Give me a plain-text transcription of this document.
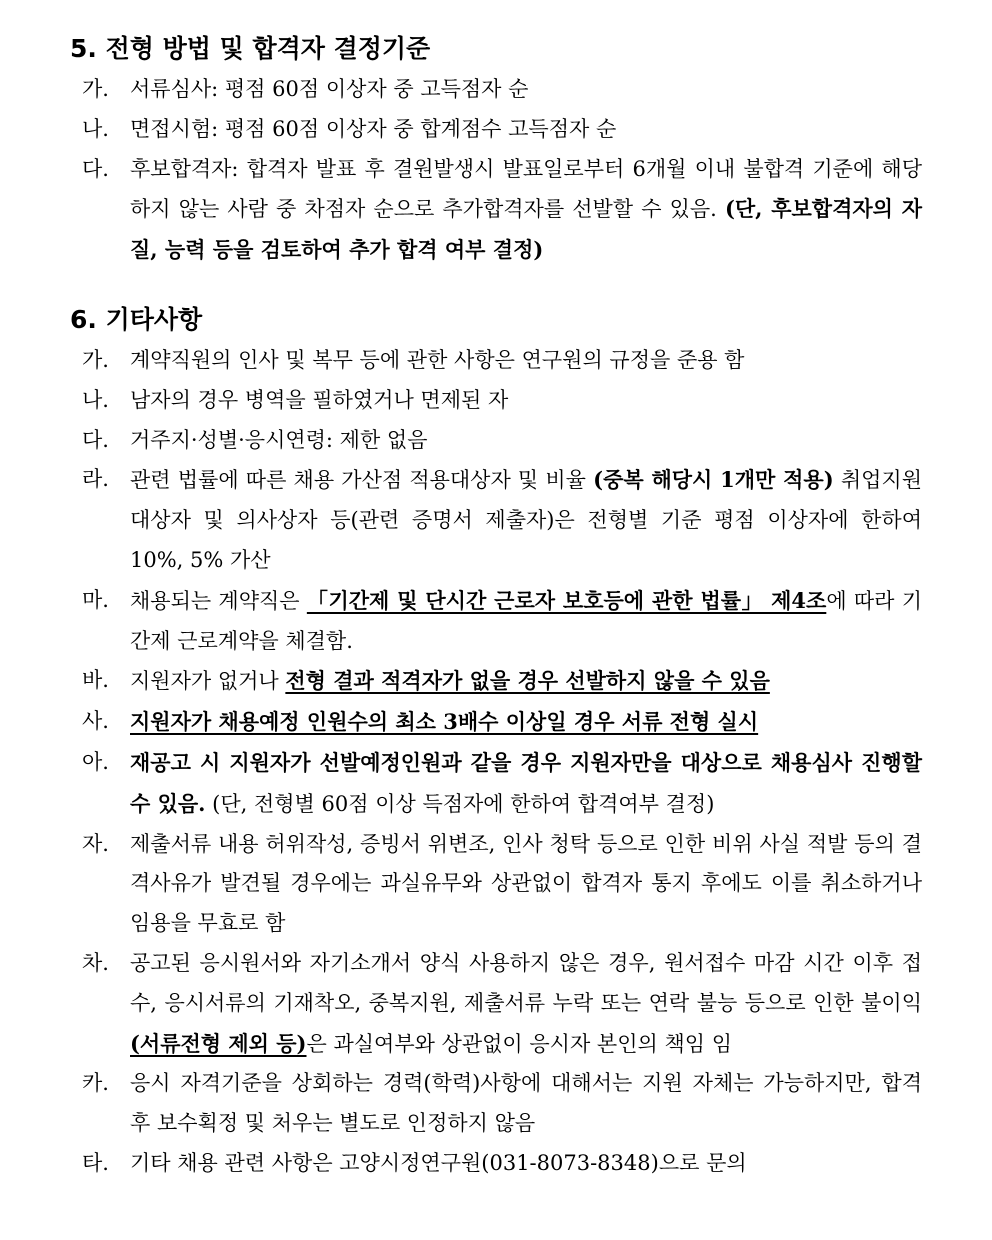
5. 전형 방법 및 합격자 결정기준
가. 서류심사: 평점 60점 이상자 중 고득점자 순
나. 면접시험: 평점 60점 이상자 중 합계점수 고득점자 순
다. 후보합격자: 합격자 발표 후 결원발생시 발표일로부터 6개월 이내 불합격 기준에 해당하지 않는 사람 중 차점자 순으로 추가합격자를 선발할 수 있음. (단, 후보합격자의 자질, 능력 등을 검토하여 추가 합격 여부 결정)
6. 기타사항
가. 계약직원의 인사 및 복무 등에 관한 사항은 연구원의 규정을 준용 함
나. 남자의 경우 병역을 필하였거나 면제된 자
다. 거주지·성별·응시연령: 제한 없음
라. 관련 법률에 따른 채용 가산점 적용대상자 및 비율 (중복 해당시 1개만 적용) 취업지원대상자 및 의사상자 등(관련 증명서 제출자)은 전형별 기준 평점 이상자에 한하여 10%, 5% 가산
마. 채용되는 계약직은 「기간제 및 단시간 근로자 보호등에 관한 법률」 제4조에 따라 기간제 근로계약을 체결함.
바. 지원자가 없거나 전형 결과 적격자가 없을 경우 선발하지 않을 수 있음
사. 지원자가 채용예정 인원수의 최소 3배수 이상일 경우 서류 전형 실시
아. 재공고 시 지원자가 선발예정인원과 같을 경우 지원자만을 대상으로 채용심사 진행할 수 있음. (단, 전형별 60점 이상 득점자에 한하여 합격여부 결정)
자. 제출서류 내용 허위작성, 증빙서 위변조, 인사 청탁 등으로 인한 비위 사실 적발 등의 결격사유가 발견될 경우에는 과실유무와 상관없이 합격자 통지 후에도 이를 취소하거나 임용을 무효로 함
차. 공고된 응시원서와 자기소개서 양식 사용하지 않은 경우, 원서접수 마감 시간 이후 접수, 응시서류의 기재착오, 중복지원, 제출서류 누락 또는 연락 불능 등으로 인한 불이익(서류전형 제외 등)은 과실여부와 상관없이 응시자 본인의 책임 임
카. 응시 자격기준을 상회하는 경력(학력)사항에 대해서는 지원 자체는 가능하지만, 합격 후 보수획정 및 처우는 별도로 인정하지 않음
타. 기타 채용 관련 사항은 고양시정연구원(031-8073-8348)으로 문의
